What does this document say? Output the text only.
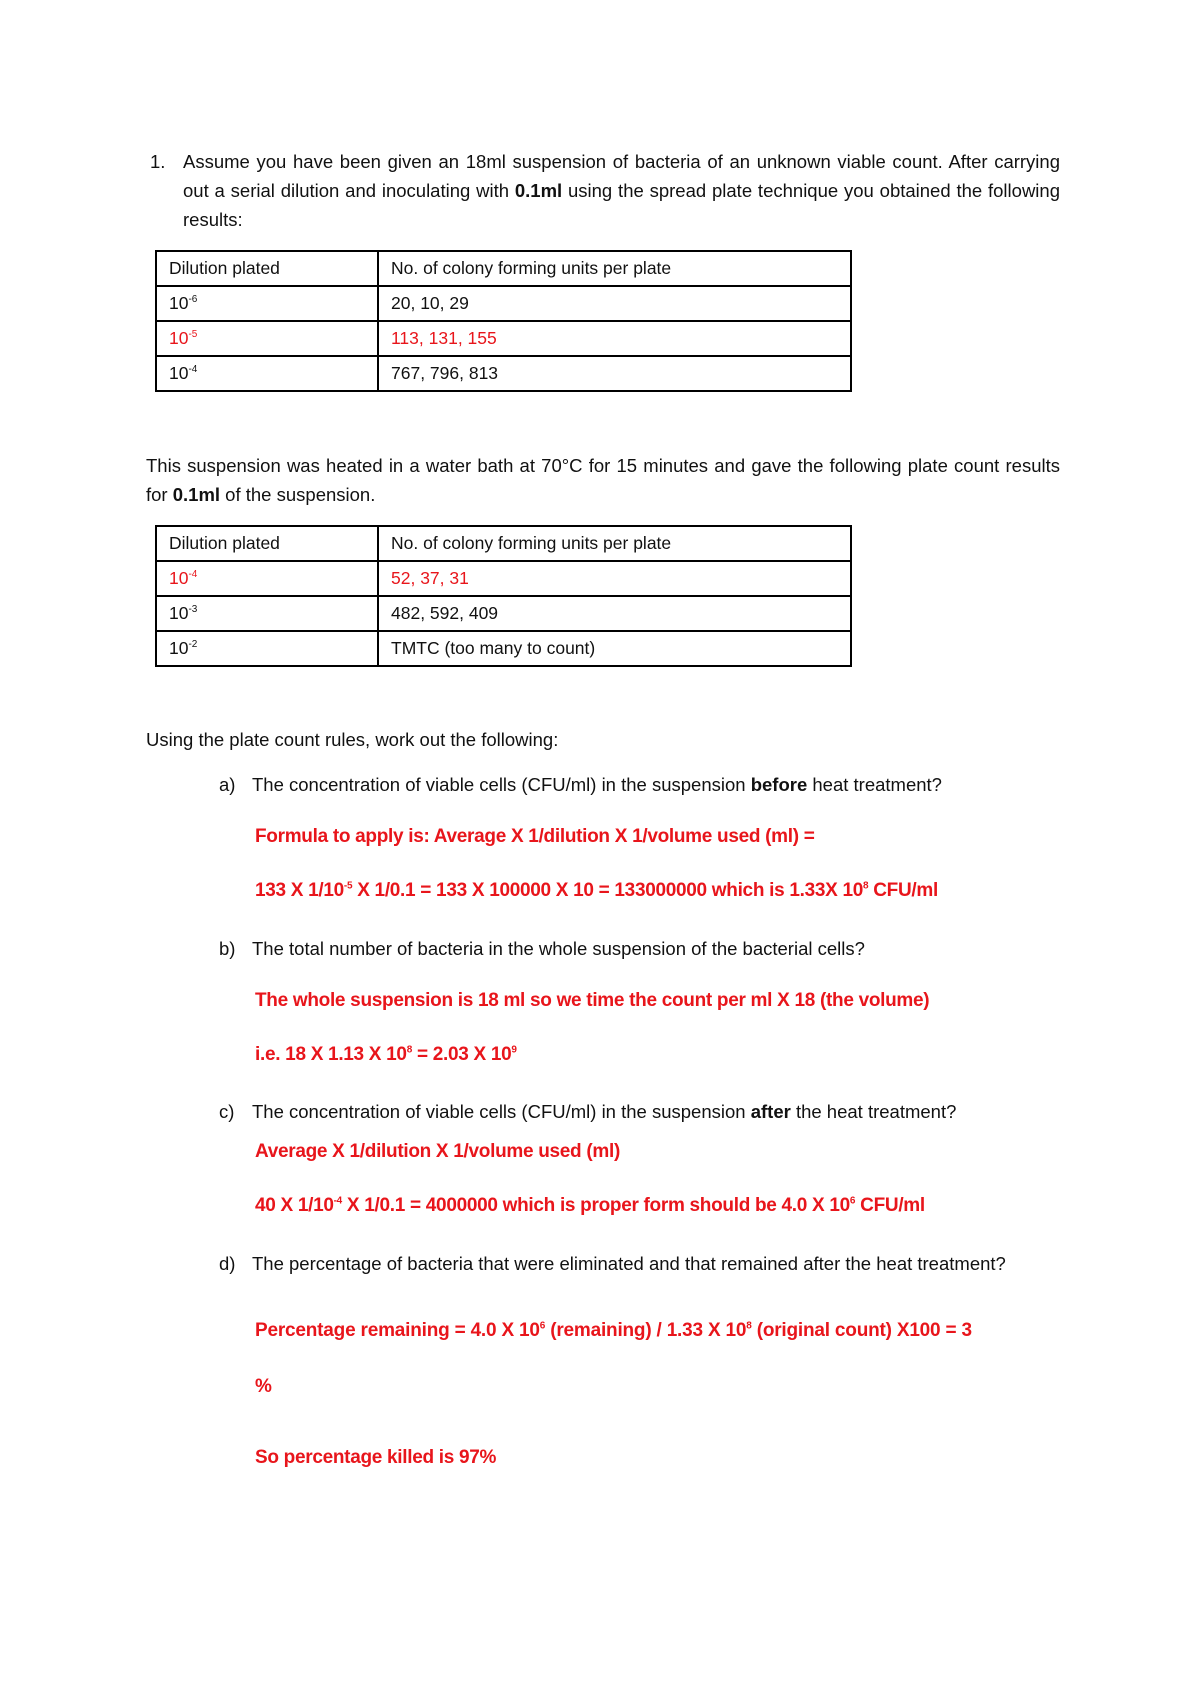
1. Assume you have been given an 18ml suspension of bacteria of an unknown viable count. After carrying out a serial dilution and inoculating with 0.1ml using the spread plate technique you obtained the following results:
Dilution plated	No. of colony forming units per plate
$10^{-6}$	20, 10, 29
$10^{-5}$	113, 131, 155
$10^{-4}$	767, 796, 813
This suspension was heated in a water bath at 70°C for 15 minutes and gave the following plate count results for 0.1ml of the suspension.
Dilution plated	No. of colony forming units per plate
$10^{-4}$	52, 37, 31
$10^{-3}$	482, 592, 409
$10^{-2}$	TMTC (too many to count)
Using the plate count rules, work out the following:
a) The concentration of viable cells (CFU/ml) in the suspension before heat treatment?
Formula to apply is: Average X 1/dilution X 1/volume used (ml) =
133 X $1/10^{-5}$ X 1/0.1 = 133 X 100000 X 10 = 133000000 which is 1.33X $10^8$ CFU/ml
b) The total number of bacteria in the whole suspension of the bacterial cells?
The whole suspension is 18 ml so we time the count per ml X 18 (the volume)
i.e. 18 X 1.13 X $10^8 = 2.03$ X $10^9$
c) The concentration of viable cells (CFU/ml) in the suspension after the heat treatment?
Average X 1/dilution X 1/volume used (ml)
40 X $1/10^{-4}$ X 1/0.1 = 4000000 which is proper form should be 4.0 X $10^6$ CFU/ml
d) The percentage of bacteria that were eliminated and that remained after the heat treatment?
Percentage remaining = 4.0 X $10^6$ (remaining) / 1.33 X $10^8$ (original count) X100 = 3
%
So percentage killed is 97%
